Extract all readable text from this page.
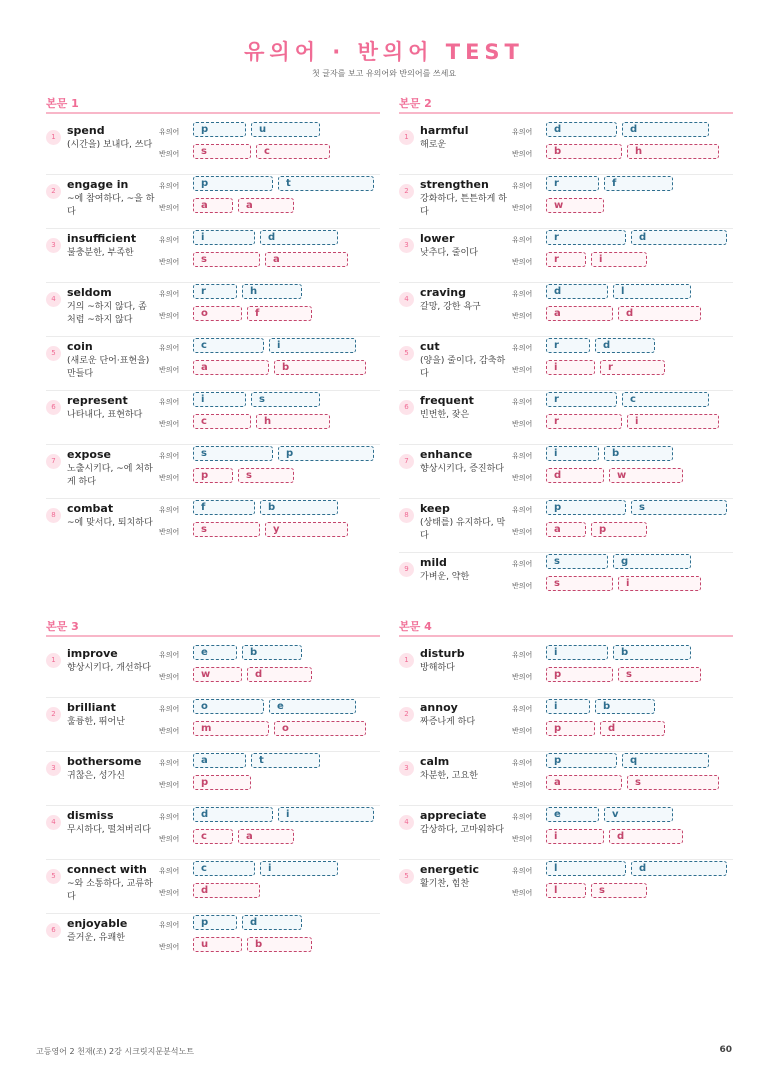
유의어 · 반의어 TEST
첫 글자를 보고 유의어와 반의어를 쓰세요
본문 1
1	spend
(시간을) 보내다, 쓰다
유의어
반의어
p	u
s	c
2	engage in
~에 참여하다, ~을 하다
유의어
반의어
p	t
a	a
3	insufficient
불충분한, 부족한
유의어
반의어
i	d
s	a
4	seldom
거의 ~하지 않다, 좀처럼 ~하지 않다
유의어
반의어
r	h
o	f
5	coin
(새로운 단어·표현을) 만들다
유의어
반의어
c	i
a	b
6	represent
나타내다, 표현하다
유의어
반의어
i	s
c	h
7	expose
노출시키다, ~에 처하게 하다
유의어
반의어
s	p
p	s
8	combat
~에 맞서다, 퇴치하다
유의어
반의어
f	b
s	y
본문 2
1	harmful
해로운
유의어
반의어
d	d
b	h
2	strengthen
강화하다, 튼튼하게 하다
유의어
반의어
r	f
w
3	lower
낮추다, 줄이다
유의어
반의어
r	d
r	i
4	craving
갈망, 강한 욕구
유의어
반의어
d	l
a	d
5	cut
(양을) 줄이다, 감축하다
유의어
반의어
r	d
i	r
6	frequent
빈번한, 잦은
유의어
반의어
r	c
r	i
7	enhance
향상시키다, 증진하다
유의어
반의어
i	b
d	w
8	keep
(상태를) 유지하다, 막다
유의어
반의어
p	s
a	p
9	mild
가벼운, 약한
유의어
반의어
s	g
s	i
본문 3
1	improve
향상시키다, 개선하다
유의어
반의어
e	b
w	d
2	brilliant
훌륭한, 뛰어난
유의어
반의어
o	e
m	o
3	bothersome
귀찮은, 성가신
유의어
반의어
a	t
p
4	dismiss
무시하다, 떨쳐버리다
유의어
반의어
d	i
c	a
5	connect with
~와 소통하다, 교류하다
유의어
반의어
c	i
d
6	enjoyable
즐거운, 유쾌한
유의어
반의어
p	d
u	b
본문 4
1	disturb
방해하다
유의어
반의어
i	b
p	s
2	annoy
짜증나게 하다
유의어
반의어
i	b
p	d
3	calm
차분한, 고요한
유의어
반의어
p	q
a	s
4	appreciate
감상하다, 고마워하다
유의어
반의어
e	v
i	d
5	energetic
활기찬, 힘찬
유의어
반의어
l	d
l	s
고등영어 2 천재(조) 2강 시크릿지문분석노트	60
